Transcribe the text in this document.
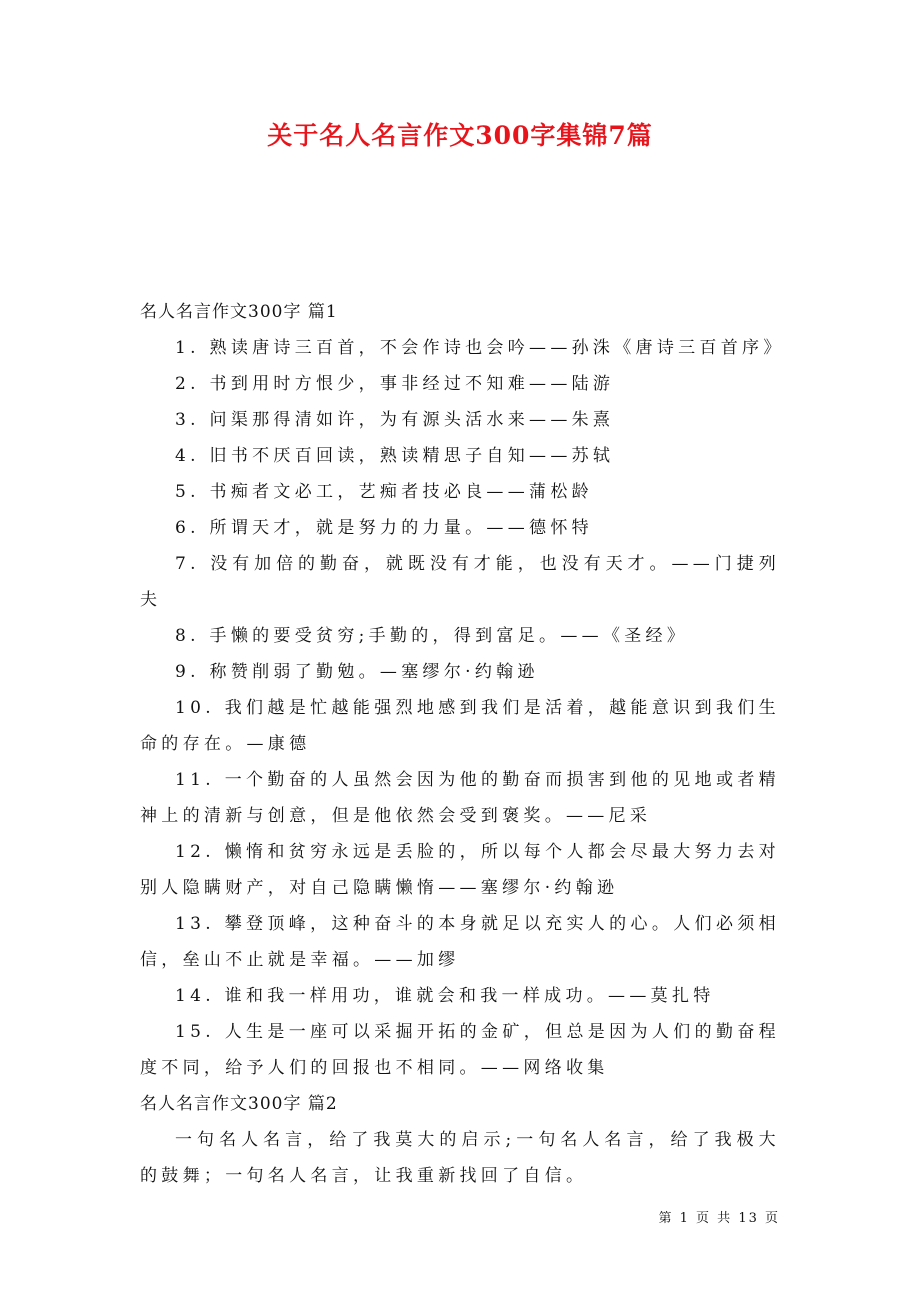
关于名人名言作文300字集锦7篇

名人名言作文300字 篇1

1. 熟读唐诗三百首，不会作诗也会吟——孙洙《唐诗三百首序》

2. 书到用时方恨少，事非经过不知难——陆游

3. 问渠那得清如许，为有源头活水来——朱熹

4. 旧书不厌百回读，熟读精思子自知——苏轼

5. 书痴者文必工，艺痴者技必良——蒲松龄

6. 所谓天才，就是努力的力量。——德怀特

7. 没有加倍的勤奋，就既没有才能，也没有天才。——门捷列夫

8. 手懒的要受贫穷;手勤的，得到富足。——《圣经》

9. 称赞削弱了勤勉。—塞缪尔·约翰逊

10. 我们越是忙越能强烈地感到我们是活着，越能意识到我们生命的存在。—康德

11. 一个勤奋的人虽然会因为他的勤奋而损害到他的见地或者精神上的清新与创意，但是他依然会受到褒奖。——尼采

12. 懒惰和贫穷永远是丢脸的，所以每个人都会尽最大努力去对别人隐瞒财产，对自己隐瞒懒惰——塞缪尔·约翰逊

13. 攀登顶峰，这种奋斗的本身就足以充实人的心。人们必须相信，垒山不止就是幸福。——加缪

14. 谁和我一样用功，谁就会和我一样成功。——莫扎特

15. 人生是一座可以采掘开拓的金矿，但总是因为人们的勤奋程度不同，给予人们的回报也不相同。——网络收集

名人名言作文300字 篇2

一句名人名言，给了我莫大的启示;一句名人名言，给了我极大的鼓舞；一句名人名言，让我重新找回了自信。

第 1 页 共 13 页
